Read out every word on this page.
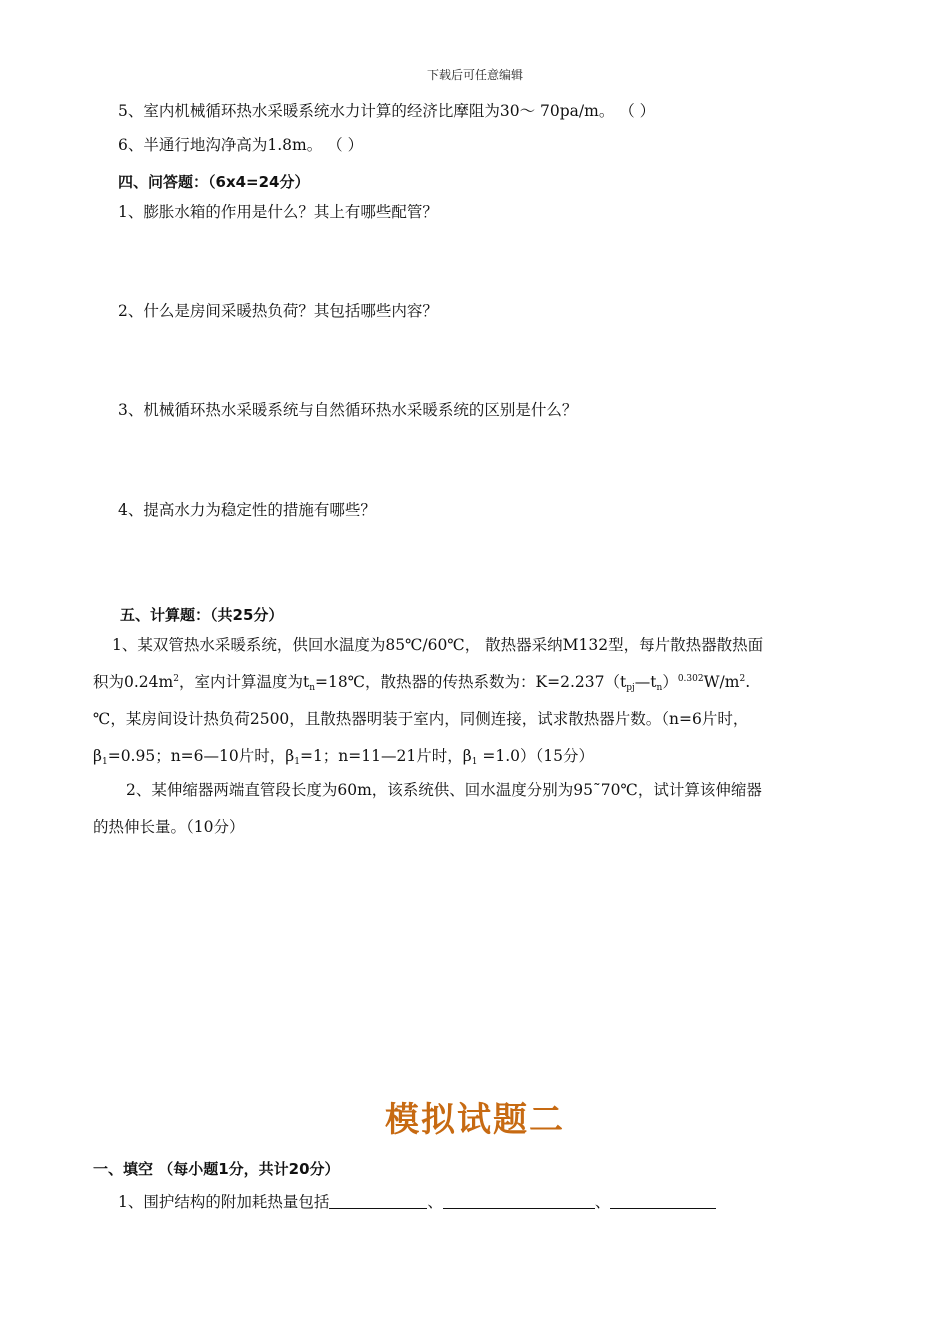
下载后可任意编辑
5、室内机械循环热水采暖系统水力计算的经济比摩阻为30～ 70pa/m。 （ ）
6、半通行地沟净高为1.8m。 （ ）
四、问答题：（6x4=24分）
1、膨胀水箱的作用是什么？其上有哪些配管？
2、什么是房间采暖热负荷？其包括哪些内容？
3、机械循环热水采暖系统与自然循环热水采暖系统的区别是什么？
4、提高水力为稳定性的措施有哪些？
五、计算题：（共25分）
1、某双管热水采暖系统，供回水温度为85℃/60℃， 散热器采纳M132型，每片散热器散热面
积为$0.24m^2$，室内计算温度为$t_n=18℃$，散热器的传热系数为：$K=2.237(t_{pj}—t_n)^{0.302}W/m^2$.
℃，某房间设计热负荷2500，且散热器明装于室内，同侧连接，试求散热器片数。（n=6片时，
$\beta_1=0.95$；n=6—10片时，$\beta_1=1$；n=11—21片时，$\beta_1 =1.0)(15$分）
2、某伸缩器两端直管段长度为60m，该系统供、回水温度分别为95˜70℃，试计算该伸缩器
的热伸长量。（10分）
模拟试题二
一、填空 （每小题1分，共计20分）
1、围护结构的附加耗热量包括	、	、
